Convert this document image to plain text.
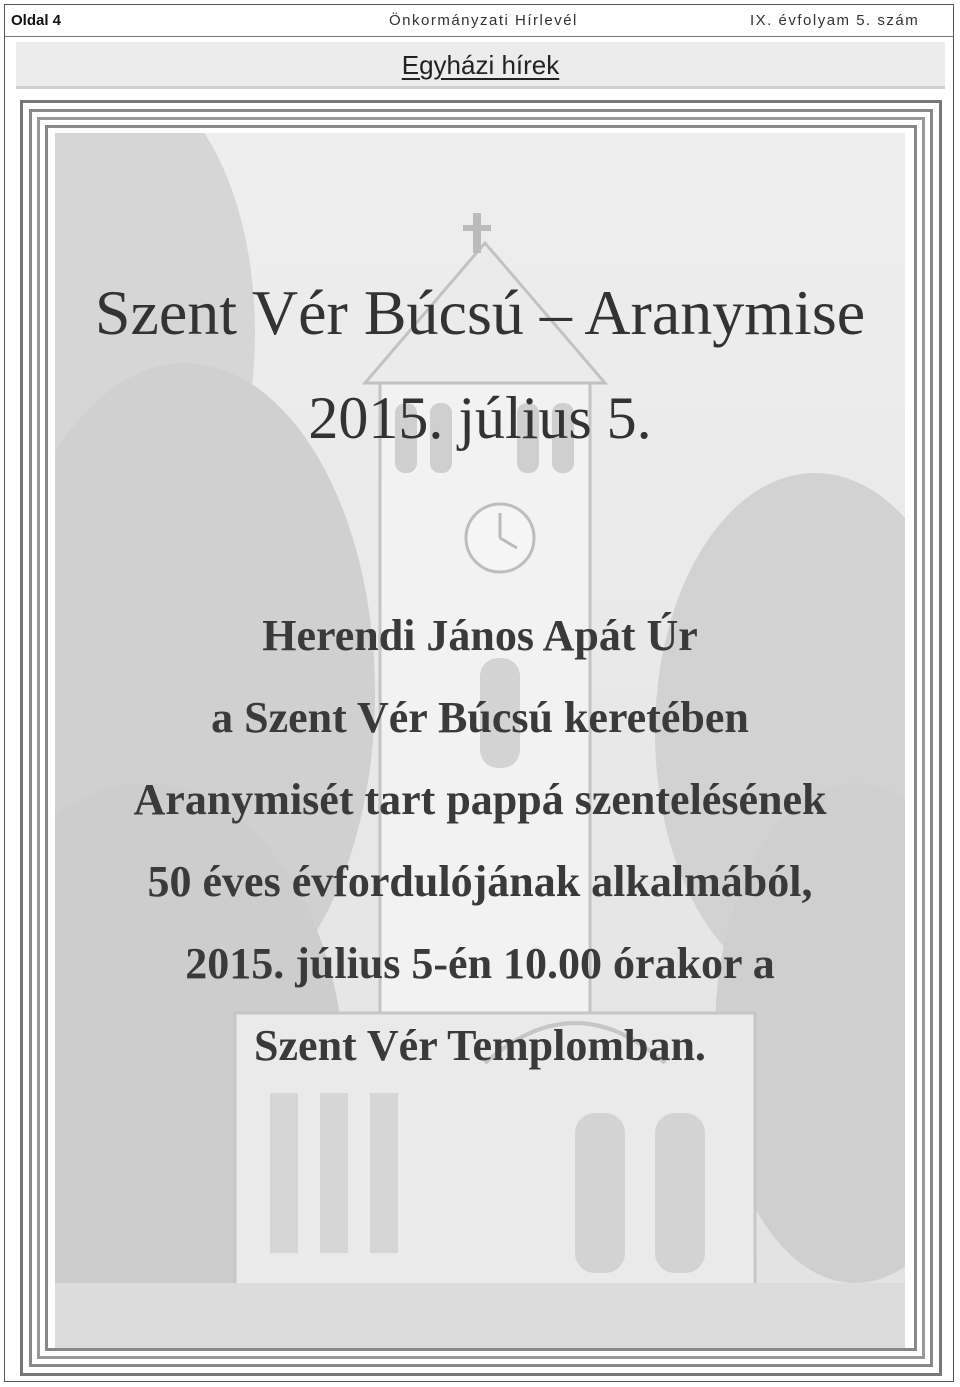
Oldal 4	Önkormányzati Hírlevél	IX. évfolyam 5. szám
Egyházi hírek
Szent Vér Búcsú – Aranymise
2015. július 5.
Herendi János Apát Úr
a Szent Vér Búcsú keretében
Aranymisét tart pappá szentelésének
50 éves évfordulójának alkalmából,
2015. július 5-én 10.00 órakor a
Szent Vér Templomban.
